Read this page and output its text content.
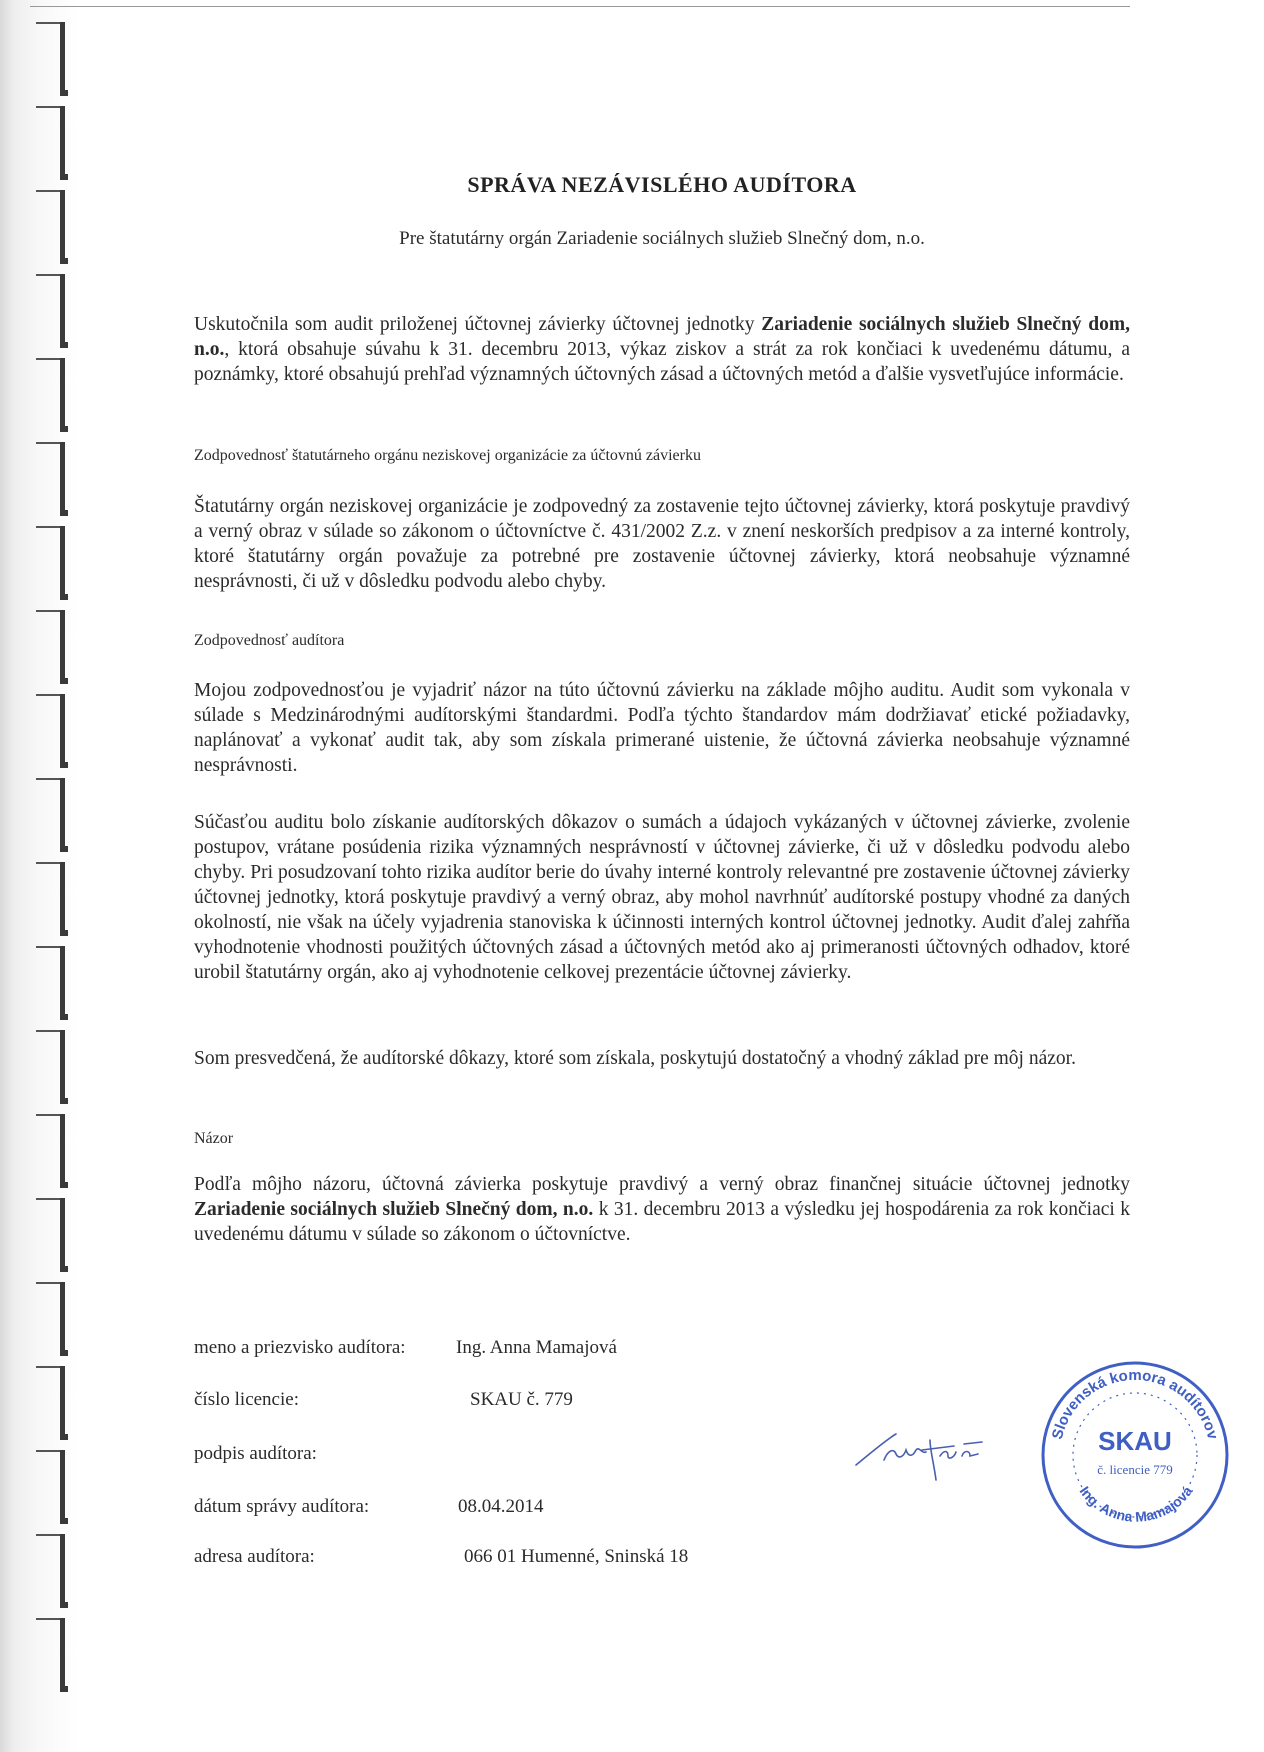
SPRÁVA NEZÁVISLÉHO AUDÍTORA
Pre štatutárny orgán Zariadenie sociálnych služieb Slnečný dom, n.o.
Uskutočnila som audit priloženej účtovnej závierky účtovnej jednotky Zariadenie sociálnych služieb Slnečný dom, n.o., ktorá obsahuje súvahu k 31. decembru 2013, výkaz ziskov a strát za rok končiaci k uvedenému dátumu, a poznámky, ktoré obsahujú prehľad významných účtovných zásad a účtovných metód a ďalšie vysvetľujúce informácie.
Zodpovednosť štatutárneho orgánu neziskovej organizácie za účtovnú závierku
Štatutárny orgán neziskovej organizácie je zodpovedný za zostavenie tejto účtovnej závierky, ktorá poskytuje pravdivý a verný obraz v súlade so zákonom o účtovníctve č. 431/2002 Z.z. v znení neskorších predpisov a za interné kontroly, ktoré štatutárny orgán považuje za potrebné pre zostavenie účtovnej závierky, ktorá neobsahuje významné nesprávnosti, či už v dôsledku podvodu alebo chyby.
Zodpovednosť audítora
Mojou zodpovednosťou je vyjadriť názor na túto účtovnú závierku na základe môjho auditu. Audit som vykonala v súlade s Medzinárodnými audítorskými štandardmi. Podľa týchto štandardov mám dodržiavať etické požiadavky, naplánovať a vykonať audit tak, aby som získala primerané uistenie, že účtovná závierka neobsahuje významné nesprávnosti.
Súčasťou auditu bolo získanie audítorských dôkazov o sumách a údajoch vykázaných v účtovnej závierke, zvolenie postupov, vrátane posúdenia rizika významných nesprávností v účtovnej závierke, či už v dôsledku podvodu alebo chyby. Pri posudzovaní tohto rizika audítor berie do úvahy interné kontroly relevantné pre zostavenie účtovnej závierky účtovnej jednotky, ktorá poskytuje pravdivý a verný obraz, aby mohol navrhnúť audítorské postupy vhodné za daných okolností, nie však na účely vyjadrenia stanoviska k účinnosti interných kontrol účtovnej jednotky. Audit ďalej zahŕňa vyhodnotenie vhodnosti použitých účtovných zásad a účtovných metód ako aj primeranosti účtovných odhadov, ktoré urobil štatutárny orgán, ako aj vyhodnotenie celkovej prezentácie účtovnej závierky.
Som presvedčená, že audítorské dôkazy, ktoré som získala, poskytujú dostatočný a vhodný základ pre môj názor.
Názor
Podľa môjho názoru, účtovná závierka poskytuje pravdivý a verný obraz finančnej situácie účtovnej jednotky Zariadenie sociálnych služieb Slnečný dom, n.o. k 31. decembru 2013 a výsledku jej hospodárenia za rok končiaci k uvedenému dátumu v súlade so zákonom o účtovníctve.
meno a priezvisko audítora:	Ing. Anna Mamajová
číslo licencie:	SKAU č. 779
podpis audítora:
dátum správy audítora:	08.04.2014
adresa audítora:	066 01 Humenné, Sninská 18
Slovenská komora audítorov
SKAU
č. licencie 779
Ing. Anna Mamajová
